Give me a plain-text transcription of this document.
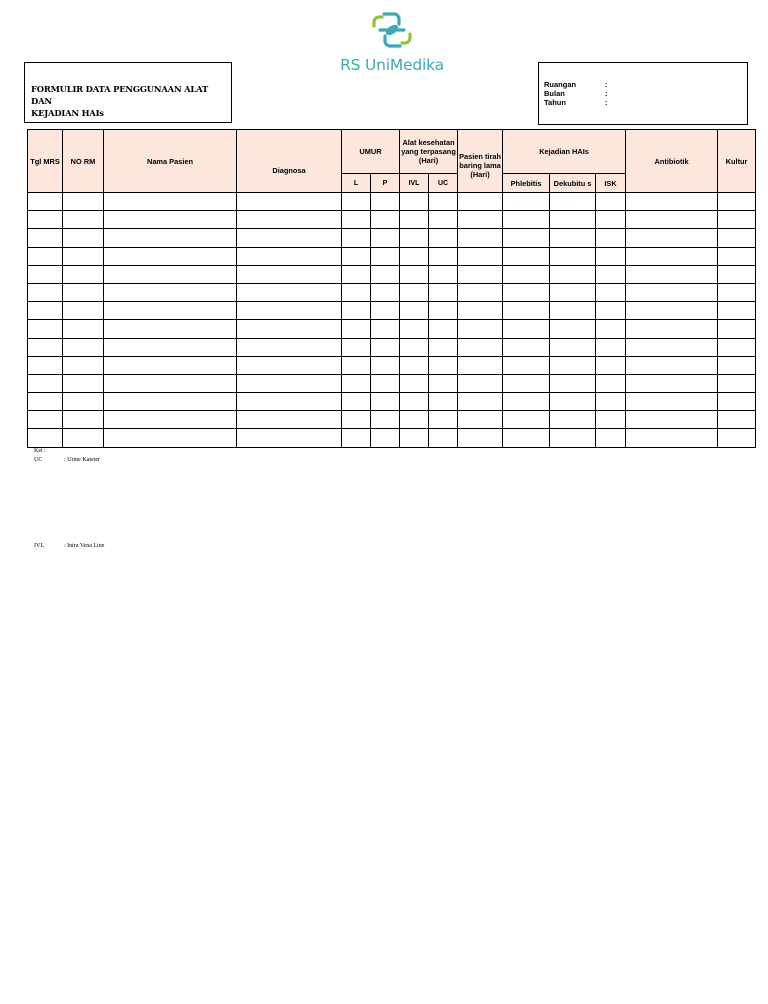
RS UniMedika
FORMULIR DATA PENGGUNAAN ALAT DAN
KEJADIAN HAIs
Ruangan	:
Bulan	:
Tahun	:
Tgl MRS	NO RM	Nama Pasien	Diagnosa	UMUR		Alat kesehatan yang terpasang (Hari)		Pasien tirah baring lama (Hari)	Kejadian HAIs			Antibiotik	Kultur
				L	P	IVL	UC		Phlebitis	Dekubitu s	ISK		

Ket :
UC	: Urine Kateter
IVL	: Intra Vena Line
